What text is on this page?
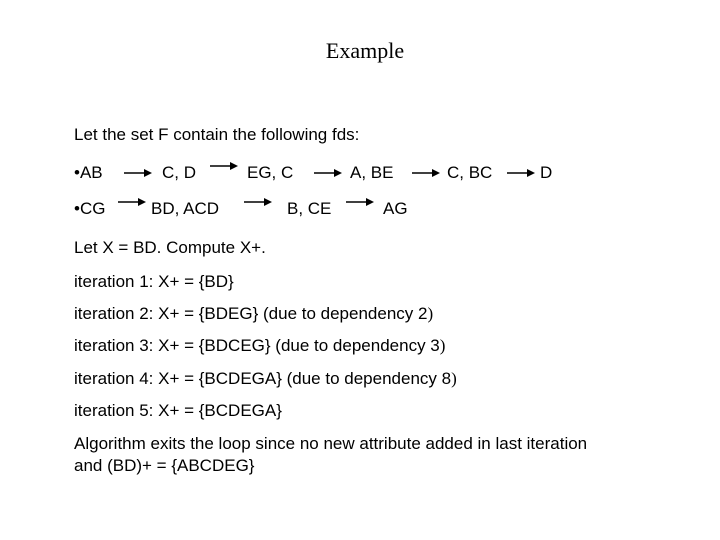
Example
Let the set F contain the following fds:
•AB	C, D	EG, C	A, BE	C, BC	D
•CG	BD, ACD	B, CE	AG
Let X = BD. Compute X+.
iteration 1: X+ = {BD}
iteration 2: X+ = {BDEG} (due to dependency 2)
iteration 3: X+ = {BDCEG} (due to dependency 3)
iteration 4: X+ = {BCDEGA} (due to dependency 8)
iteration 5: X+ = {BCDEGA}
Algorithm exits the loop since no new attribute added in last iteration
and (BD)+ = {ABCDEG}
